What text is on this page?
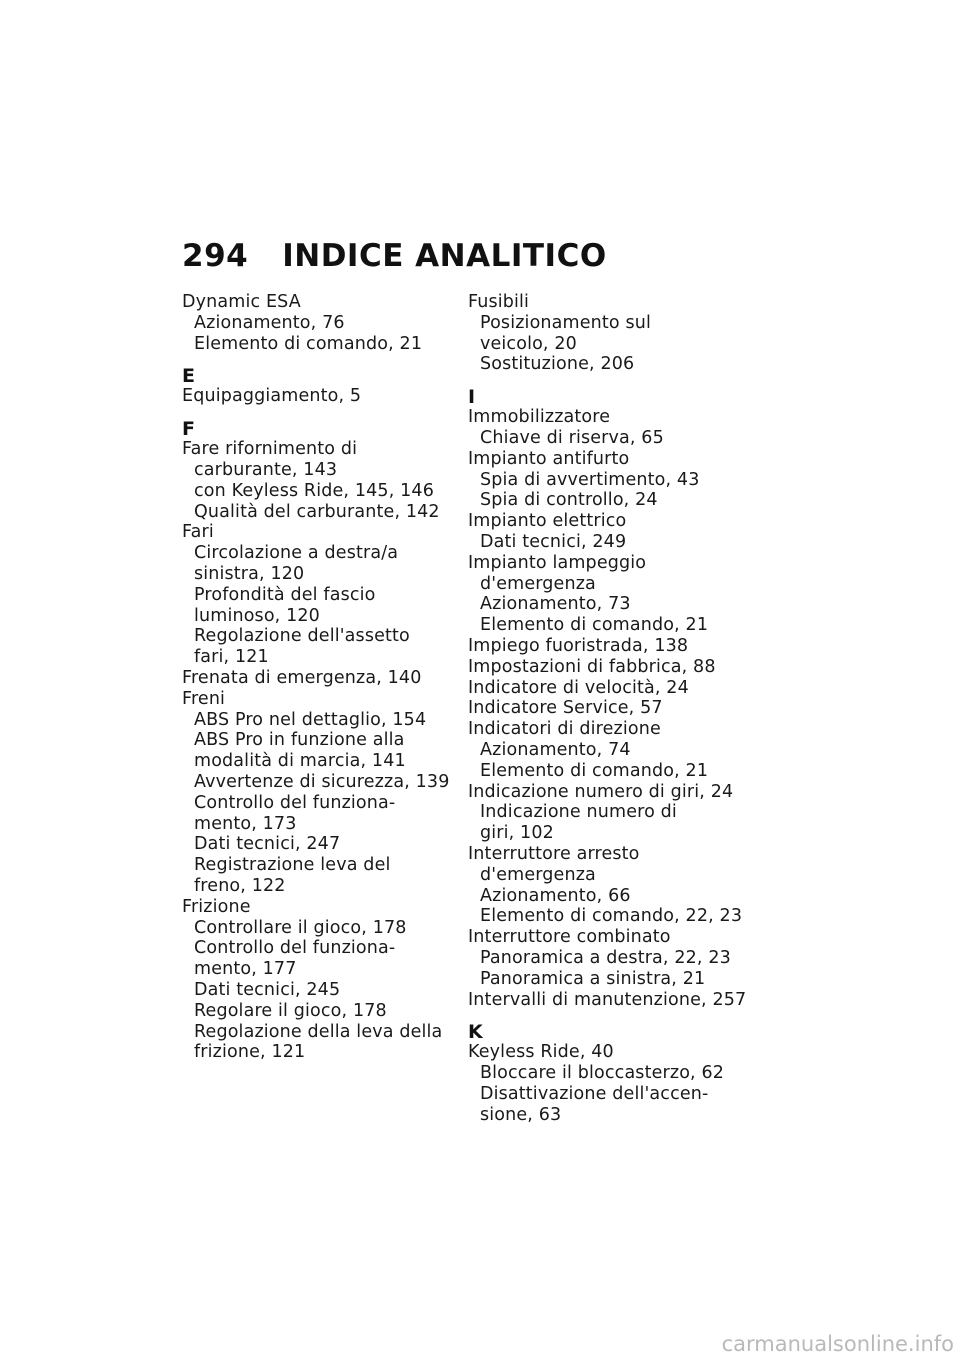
294 INDICE ANALITICO
Dynamic ESA
Azionamento, 76
Elemento di comando, 21
E
Equipaggiamento, 5
F
Fare rifornimento di
carburante, 143
con Keyless Ride, 145, 146
Qualità del carburante, 142
Fari
Circolazione a destra/a
sinistra, 120
Profondità del fascio
luminoso, 120
Regolazione dell'assetto
fari, 121
Frenata di emergenza, 140
Freni
ABS Pro nel dettaglio, 154
ABS Pro in funzione alla
modalità di marcia, 141
Avvertenze di sicurezza, 139
Controllo del funziona-
mento, 173
Dati tecnici, 247
Registrazione leva del
freno, 122
Frizione
Controllare il gioco, 178
Controllo del funziona-
mento, 177
Dati tecnici, 245
Regolare il gioco, 178
Regolazione della leva della
frizione, 121
Fusibili
Posizionamento sul
veicolo, 20
Sostituzione, 206
I
Immobilizzatore
Chiave di riserva, 65
Impianto antifurto
Spia di avvertimento, 43
Spia di controllo, 24
Impianto elettrico
Dati tecnici, 249
Impianto lampeggio
d'emergenza
Azionamento, 73
Elemento di comando, 21
Impiego fuoristrada, 138
Impostazioni di fabbrica, 88
Indicatore di velocità, 24
Indicatore Service, 57
Indicatori di direzione
Azionamento, 74
Elemento di comando, 21
Indicazione numero di giri, 24
Indicazione numero di
giri, 102
Interruttore arresto
d'emergenza
Azionamento, 66
Elemento di comando, 22, 23
Interruttore combinato
Panoramica a destra, 22, 23
Panoramica a sinistra, 21
Intervalli di manutenzione, 257
K
Keyless Ride, 40
Bloccare il bloccasterzo, 62
Disattivazione dell'accen-
sione, 63
carmanualsonline.info
